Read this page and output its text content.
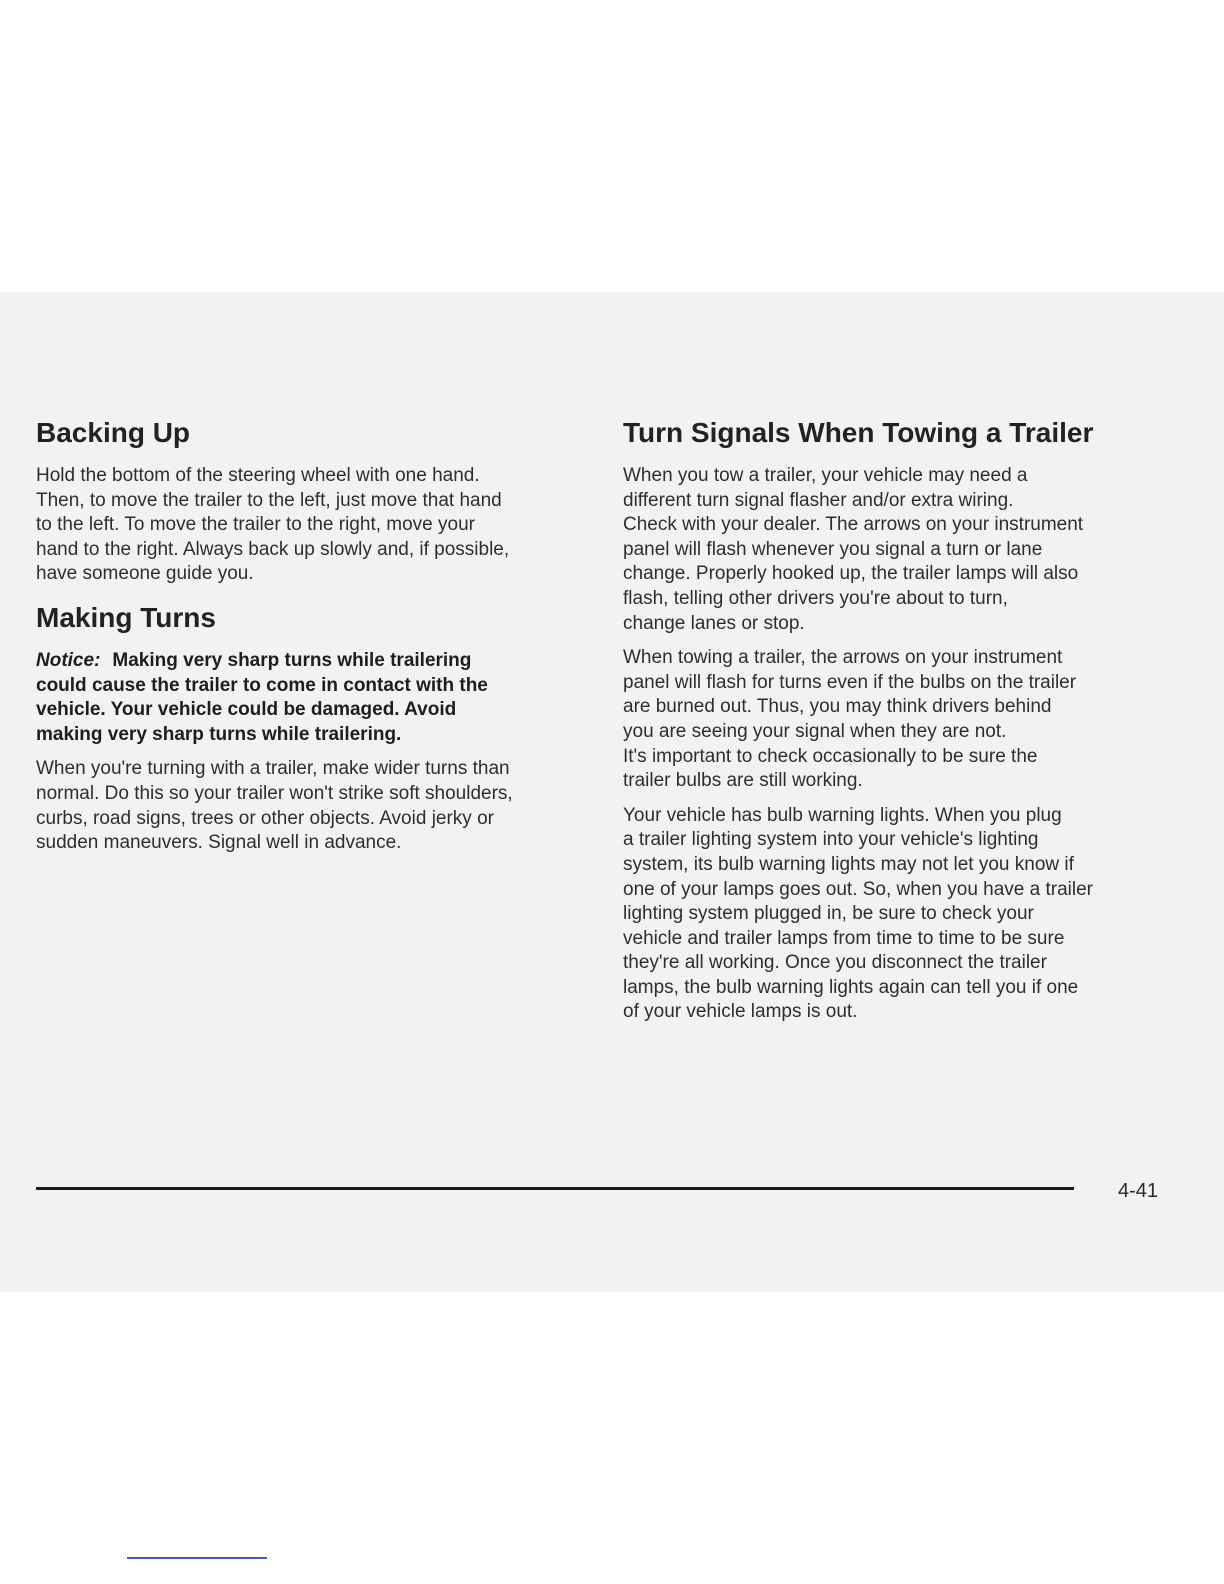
Backing Up

Hold the bottom of the steering wheel with one hand.
Then, to move the trailer to the left, just move that hand
to the left. To move the trailer to the right, move your
hand to the right. Always back up slowly and, if possible,
have someone guide you.

Making Turns

Notice: Making very sharp turns while trailering
could cause the trailer to come in contact with the
vehicle. Your vehicle could be damaged. Avoid
making very sharp turns while trailering.

When you're turning with a trailer, make wider turns than
normal. Do this so your trailer won't strike soft shoulders,
curbs, road signs, trees or other objects. Avoid jerky or
sudden maneuvers. Signal well in advance.

Turn Signals When Towing a Trailer

When you tow a trailer, your vehicle may need a
different turn signal flasher and/or extra wiring.
Check with your dealer. The arrows on your instrument
panel will flash whenever you signal a turn or lane
change. Properly hooked up, the trailer lamps will also
flash, telling other drivers you're about to turn,
change lanes or stop.

When towing a trailer, the arrows on your instrument
panel will flash for turns even if the bulbs on the trailer
are burned out. Thus, you may think drivers behind
you are seeing your signal when they are not.
It's important to check occasionally to be sure the
trailer bulbs are still working.

Your vehicle has bulb warning lights. When you plug
a trailer lighting system into your vehicle's lighting
system, its bulb warning lights may not let you know if
one of your lamps goes out. So, when you have a trailer
lighting system plugged in, be sure to check your
vehicle and trailer lamps from time to time to be sure
they're all working. Once you disconnect the trailer
lamps, the bulb warning lights again can tell you if one
of your vehicle lamps is out.

4-41
